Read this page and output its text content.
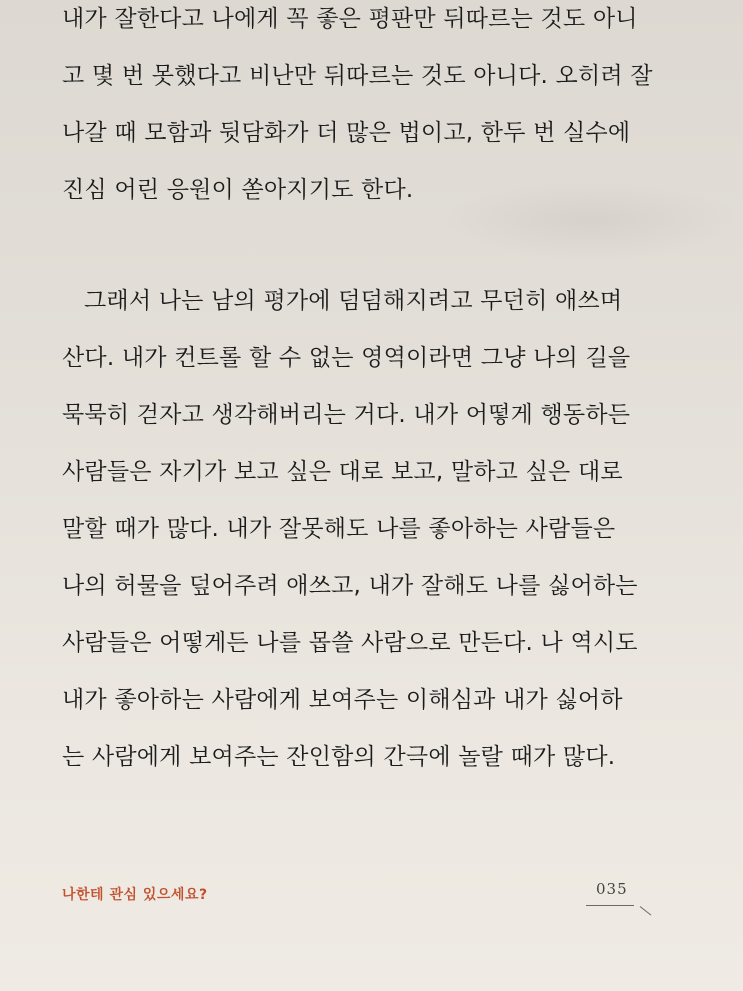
내가 잘한다고 나에게 꼭 좋은 평판만 뒤따르는 것도 아니
고 몇 번 못했다고 비난만 뒤따르는 것도 아니다. 오히려 잘
나갈 때 모함과 뒷담화가 더 많은 법이고, 한두 번 실수에
진심 어린 응원이 쏟아지기도 한다.
그래서 나는 남의 평가에 덤덤해지려고 무던히 애쓰며
산다. 내가 컨트롤 할 수 없는 영역이라면 그냥 나의 길을
묵묵히 걷자고 생각해버리는 거다. 내가 어떻게 행동하든
사람들은 자기가 보고 싶은 대로 보고, 말하고 싶은 대로
말할 때가 많다. 내가 잘못해도 나를 좋아하는 사람들은
나의 허물을 덮어주려 애쓰고, 내가 잘해도 나를 싫어하는
사람들은 어떻게든 나를 몹쓸 사람으로 만든다. 나 역시도
내가 좋아하는 사람에게 보여주는 이해심과 내가 싫어하
는 사람에게 보여주는 잔인함의 간극에 놀랄 때가 많다.
나한테 관심 있으세요?	035
